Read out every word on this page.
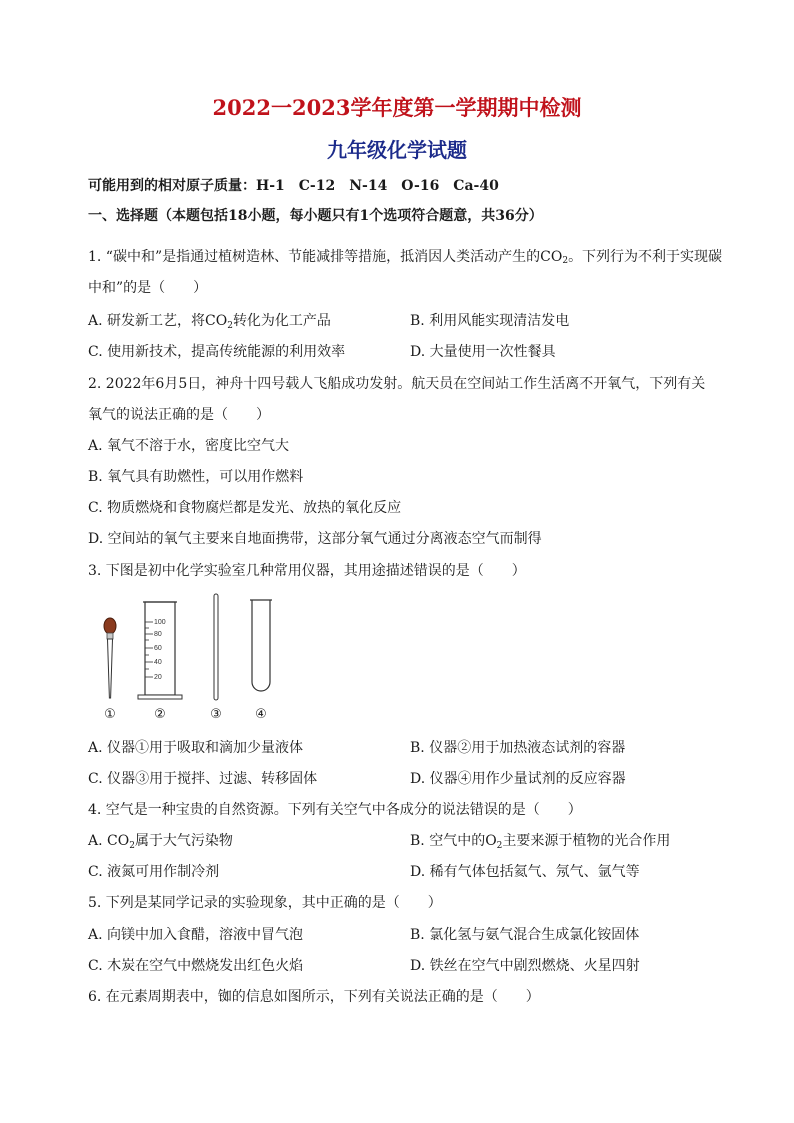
2022一2023学年度第一学期期中检测
九年级化学试题
可能用到的相对原子质量：H-1　C-12　N-14　O-16　Ca-40
一、选择题（本题包括18小题，每小题只有1个选项符合题意，共36分）
1. “碳中和”是指通过植树造林、节能减排等措施，抵消因人类活动产生的$CO_2$。下列行为不利于实现碳
中和”的是（　　）
A. 研发新工艺，将$CO_2$转化为化工产品	B. 利用风能实现清洁发电
C. 使用新技术，提高传统能源的利用效率	D. 大量使用一次性餐具
2. 2022年6月5日，神舟十四号载人飞船成功发射。航天员在空间站工作生活离不开氧气，下列有关
氧气的说法正确的是（　　）
A. 氧气不溶于水，密度比空气大
B. 氧气具有助燃性，可以用作燃料
C. 物质燃烧和食物腐烂都是发光、放热的氧化反应
D. 空间站的氧气主要来自地面携带，这部分氧气通过分离液态空气而制得
3. 下图是初中化学实验室几种常用仪器，其用途描述错误的是（　　）
100
80
60
40
20
①	②	③	④
A. 仪器①用于吸取和滴加少量液体	B. 仪器②用于加热液态试剂的容器
C. 仪器③用于搅拌、过滤、转移固体	D. 仪器④用作少量试剂的反应容器
4. 空气是一种宝贵的自然资源。下列有关空气中各成分的说法错误的是（　　）
A. $CO_2$属于大气污染物	B. 空气中的$O_2$主要来源于植物的光合作用
C. 液氮可用作制冷剂	D. 稀有气体包括氦气、氖气、氩气等
5. 下列是某同学记录的实验现象，其中正确的是（　　）
A. 向镁中加入食醋，溶液中冒气泡	B. 氯化氢与氨气混合生成氯化铵固体
C. 木炭在空气中燃烧发出红色火焰	D. 铁丝在空气中剧烈燃烧、火星四射
6. 在元素周期表中，铷的信息如图所示，下列有关说法正确的是（　　）
